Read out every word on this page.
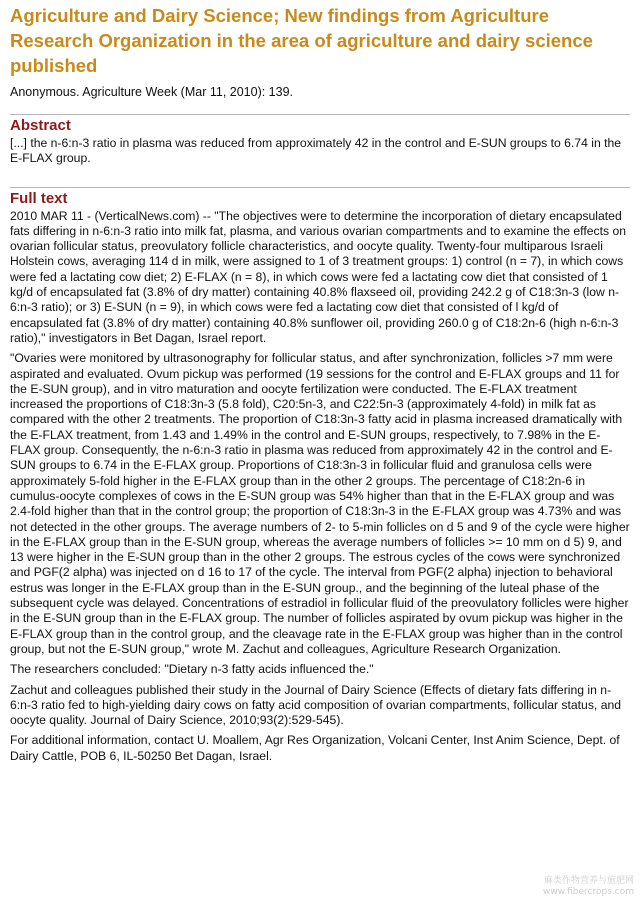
Agriculture and Dairy Science; New findings from Agriculture Research Organization in the area of agriculture and dairy science published
Anonymous. Agriculture Week (Mar 11, 2010): 139.
Abstract

[...] the n-6:n-3 ratio in plasma was reduced from approximately 42 in the control and E-SUN groups to 6.74 in the E-FLAX group.

Full text

2010 MAR 11 - (VerticalNews.com) -- "The objectives were to determine the incorporation of dietary encapsulated fats differing in n-6:n-3 ratio into milk fat, plasma, and various ovarian compartments and to examine the effects on ovarian follicular status, preovulatory follicle characteristics, and oocyte quality. Twenty-four multiparous Israeli Holstein cows, averaging 114 d in milk, were assigned to 1 of 3 treatment groups: 1) control (n = 7), in which cows were fed a lactating cow diet; 2) E-FLAX (n = 8), in which cows were fed a lactating cow diet that consisted of 1 kg/d of encapsulated fat (3.8% of dry matter) containing 40.8% flaxseed oil, providing 242.2 g of C18:3n-3 (low n-6:n-3 ratio); or 3) E-SUN (n = 9), in which cows were fed a lactating cow diet that consisted of l kg/d of encapsulated fat (3.8% of dry matter) containing 40.8% sunflower oil, providing 260.0 g of C18:2n-6 (high n-6:n-3 ratio)," investigators in Bet Dagan, Israel report.

"Ovaries were monitored by ultrasonography for follicular status, and after synchronization, follicles >7 mm were aspirated and evaluated. Ovum pickup was performed (19 sessions for the control and E-FLAX groups and 11 for the E-SUN group), and in vitro maturation and oocyte fertilization were conducted. The E-FLAX treatment increased the proportions of C18:3n-3 (5.8 fold), C20:5n-3, and C22:5n-3 (approximately 4-fold) in milk fat as compared with the other 2 treatments. The proportion of C18:3n-3 fatty acid in plasma increased dramatically with the E-FLAX treatment, from 1.43 and 1.49% in the control and E-SUN groups, respectively, to 7.98% in the E-FLAX group. Consequently, the n-6:n-3 ratio in plasma was reduced from approximately 42 in the control and E-SUN groups to 6.74 in the E-FLAX group. Proportions of C18:3n-3 in follicular fluid and granulosa cells were approximately 5-fold higher in the E-FLAX group than in the other 2 groups. The percentage of C18:2n-6 in cumulus-oocyte complexes of cows in the E-SUN group was 54% higher than that in the E-FLAX group and was 2.4-fold higher than that in the control group; the proportion of C18:3n-3 in the E-FLAX group was 4.73% and was not detected in the other groups. The average numbers of 2- to 5-min follicles on d 5 and 9 of the cycle were higher in the E-FLAX group than in the E-SUN group, whereas the average numbers of follicles >= 10 mm on d 5) 9, and 13 were higher in the E-SUN group than in the other 2 groups. The estrous cycles of the cows were synchronized and PGF(2 alpha) was injected on d 16 to 17 of the cycle. The interval from PGF(2 alpha) injection to behavioral estrus was longer in the E-FLAX group than in the E-SUN group., and the beginning of the luteal phase of the subsequent cycle was delayed. Concentrations of estradiol in follicular fluid of the preovulatory follicles were higher in the E-SUN group than in the E-FLAX group. The number of follicles aspirated by ovum pickup was higher in the E-FLAX group than in the control group, and the cleavage rate in the E-FLAX group was higher than in the control group, but not the E-SUN group," wrote M. Zachut and colleagues, Agriculture Research Organization.

The researchers concluded: "Dietary n-3 fatty acids influenced the."

Zachut and colleagues published their study in the Journal of Dairy Science (Effects of dietary fats differing in n-6:n-3 ratio fed to high-yielding dairy cows on fatty acid composition of ovarian compartments, follicular status, and oocyte quality. Journal of Dairy Science, 2010;93(2):529-545).

For additional information, contact U. Moallem, Agr Res Organization, Volcani Center, Inst Anim Science, Dept. of Dairy Cattle, POB 6, IL-50250 Bet Dagan, Israel.

麻类作物营养与施肥网
www.fibercrops.com
